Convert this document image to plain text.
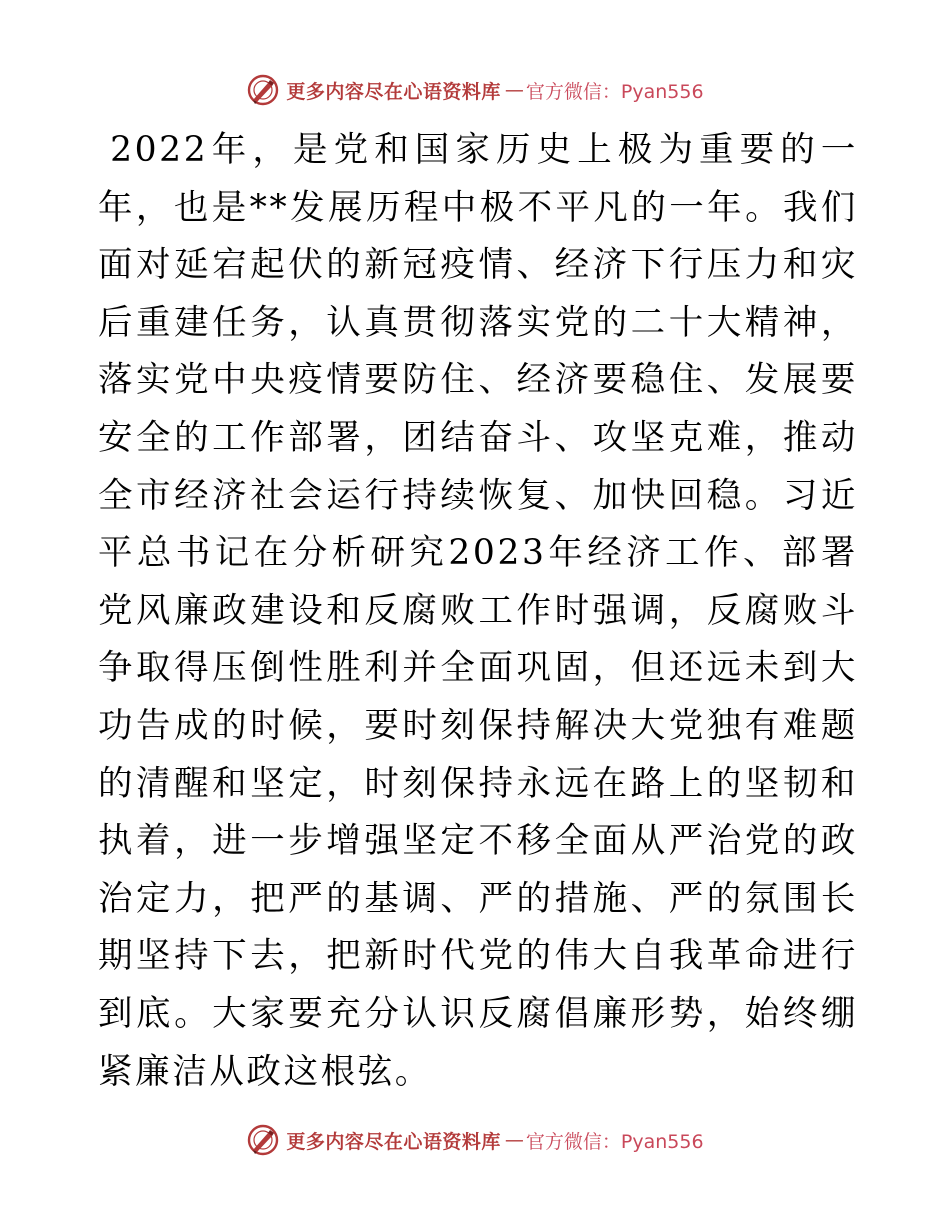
更多内容尽在心语资料库 — 官方微信：Pyan556

2022年，是党和国家历史上极为重要的一年，也是**发展历程中极不平凡的一年。我们面对延宕起伏的新冠疫情、经济下行压力和灾后重建任务，认真贯彻落实党的二十大精神，落实党中央疫情要防住、经济要稳住、发展要安全的工作部署，团结奋斗、攻坚克难，推动全市经济社会运行持续恢复、加快回稳。习近平总书记在分析研究2023年经济工作、部署党风廉政建设和反腐败工作时强调，反腐败斗争取得压倒性胜利并全面巩固，但还远未到大功告成的时候，要时刻保持解决大党独有难题的清醒和坚定，时刻保持永远在路上的坚韧和执着，进一步增强坚定不移全面从严治党的政治定力，把严的基调、严的措施、严的氛围长期坚持下去，把新时代党的伟大自我革命进行到底。大家要充分认识反腐倡廉形势，始终绷紧廉洁从政这根弦。

更多内容尽在心语资料库 — 官方微信：Pyan556
